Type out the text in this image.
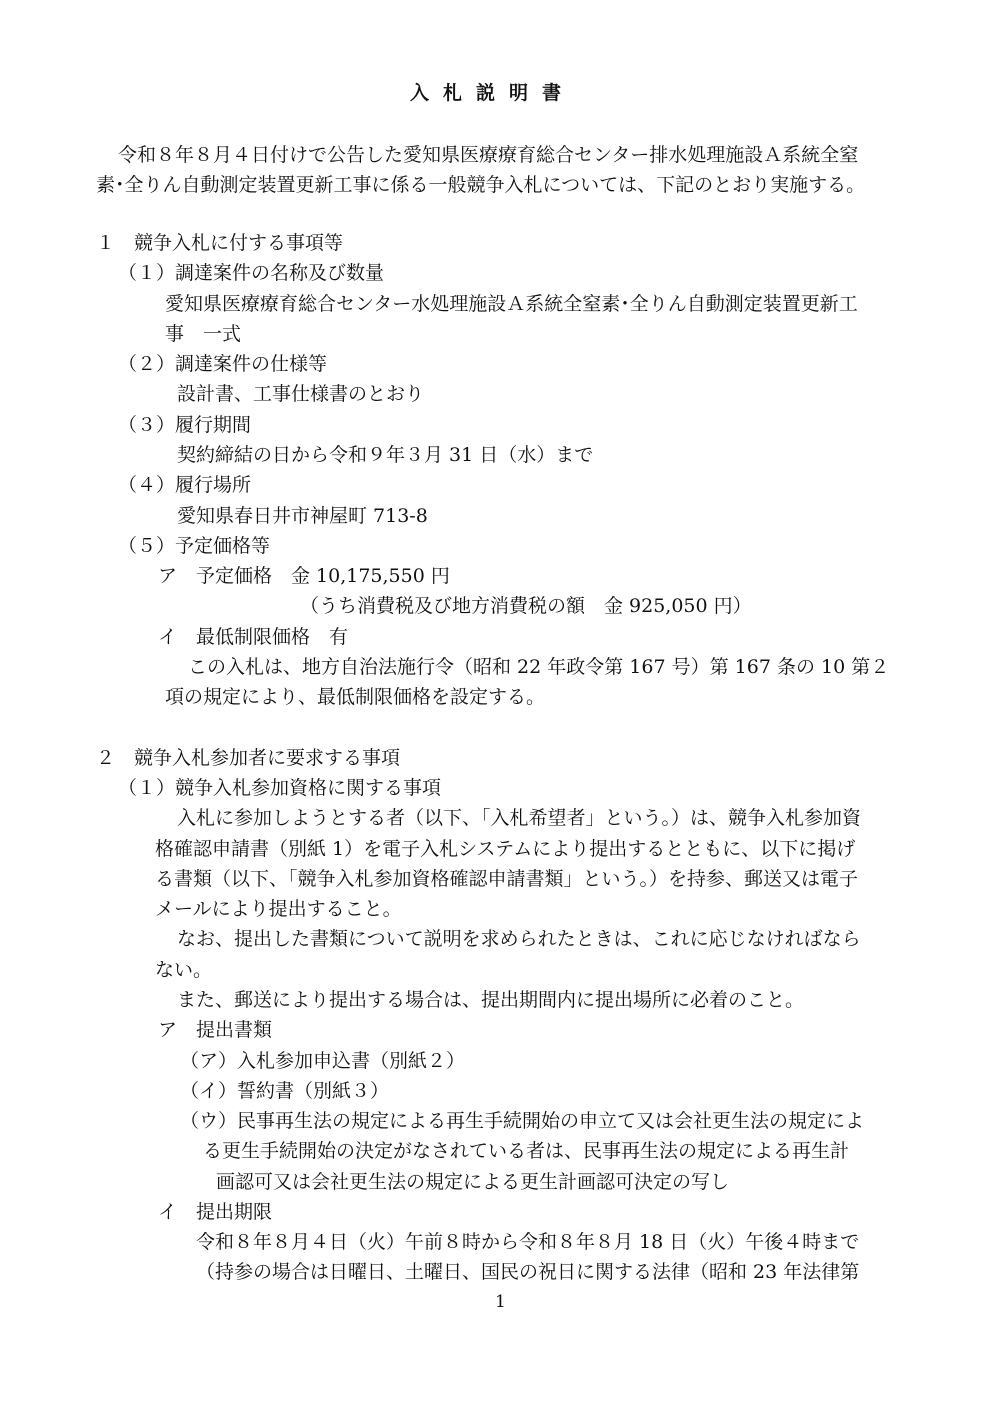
入札説明書
令和８年８月４日付けで公告した愛知県医療療育総合センター排水処理施設Ａ系統全窒
素･全りん自動測定装置更新工事に係る一般競争入札については、下記のとおり実施する。
１　競争入札に付する事項等
（１）調達案件の名称及び数量
愛知県医療療育総合センター水処理施設Ａ系統全窒素･全りん自動測定装置更新工
事　一式
（２）調達案件の仕様等
設計書、工事仕様書のとおり
（３）履行期間
契約締結の日から令和９年３月 31 日（水）まで
（４）履行場所
愛知県春日井市神屋町 713-8
（５）予定価格等
ア　予定価格　金 10,175,550 円
（うち消費税及び地方消費税の額　金 925,050 円）
イ　最低制限価格　有
この入札は、地方自治法施行令（昭和 22 年政令第 167 号）第 167 条の 10 第２
項の規定により、最低制限価格を設定する。
２　競争入札参加者に要求する事項
（１）競争入札参加資格に関する事項
入札に参加しようとする者（以下、「入札希望者」という。）は、競争入札参加資
格確認申請書（別紙 1）を電子入札システムにより提出するとともに、以下に掲げ
る書類（以下、「競争入札参加資格確認申請書類」という。）を持参、郵送又は電子
メールにより提出すること。
なお、提出した書類について説明を求められたときは、これに応じなければなら
ない。
また、郵送により提出する場合は、提出期間内に提出場所に必着のこと。
ア　提出書類
（ア）入札参加申込書（別紙２）
（イ）誓約書（別紙３）
（ウ）民事再生法の規定による再生手続開始の申立て又は会社更生法の規定によ
る更生手続開始の決定がなされている者は、民事再生法の規定による再生計
画認可又は会社更生法の規定による更生計画認可決定の写し
イ　提出期限
令和８年８月４日（火）午前８時から令和８年８月 18 日（火）午後４時まで
（持参の場合は日曜日、土曜日、国民の祝日に関する法律（昭和 23 年法律第
1
